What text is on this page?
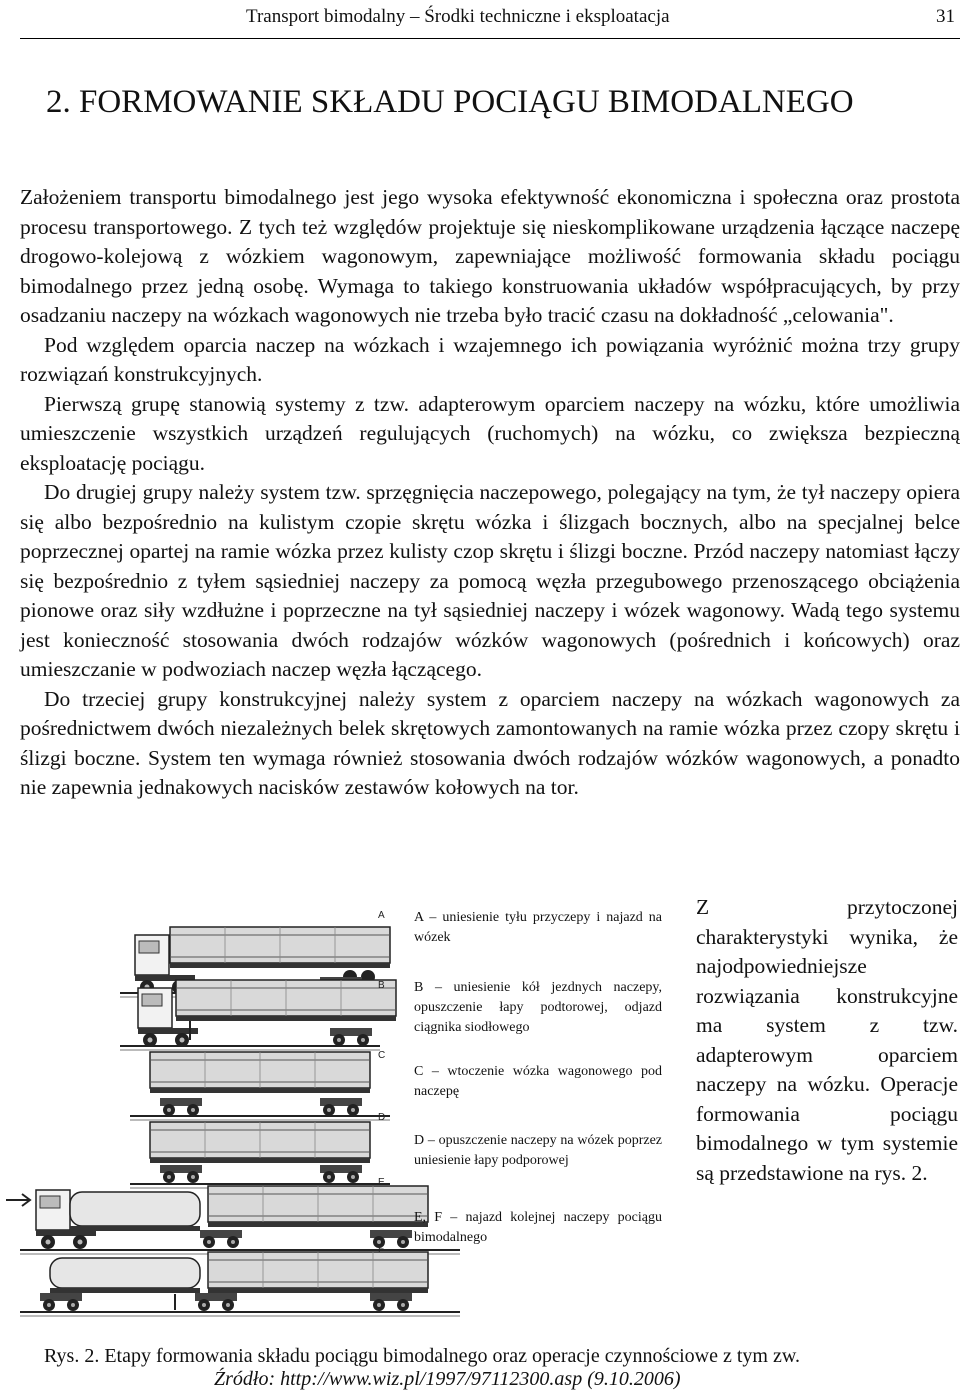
Transport bimodalny – Środki techniczne i eksploatacja	31
2. FORMOWANIE SKŁADU POCIĄGU BIMODALNEGO

Założeniem transportu bimodalnego jest jego wysoka efektywność ekonomiczna i społeczna oraz prostota procesu transportowego. Z tych też względów projektuje się nieskomplikowane urządzenia łączące naczepę drogowo-kolejową z wózkiem wagonowym, zapewniające możliwość formowania składu pociągu bimodalnego przez jedną osobę. Wymaga to takiego konstruowania układów współpracujących, by przy osadzaniu naczepy na wózkach wagonowych nie trzeba było tracić czasu na dokładność „celowania".

Pod względem oparcia naczep na wózkach i wzajemnego ich powiązania wyróżnić można trzy grupy rozwiązań konstrukcyjnych.

Pierwszą grupę stanowią systemy z tzw. adapterowym oparciem naczepy na wózku, które umożliwia umieszczenie wszystkich urządzeń regulujących (ruchomych) na wózku, co zwiększa bezpieczną eksploatację pociągu.

Do drugiej grupy należy system tzw. sprzęgnięcia naczepowego, polegający na tym, że tył naczepy opiera się albo bezpośrednio na kulistym czopie skrętu wózka i ślizgach bocznych, albo na specjalnej belce poprzecznej opartej na ramie wózka przez kulisty czop skrętu i ślizgi boczne. Przód naczepy natomiast łączy się bezpośrednio z tyłem sąsiedniej naczepy za pomocą węzła przegubowego przenoszącego obciążenia pionowe oraz siły wzdłużne i poprzeczne na tył sąsiedniej naczepy i wózek wagonowy. Wadą tego systemu jest konieczność stosowania dwóch rodzajów wózków wagonowych (pośrednich i końcowych) oraz umieszczanie w podwoziach naczep węzła łączącego.

Do trzeciej grupy konstrukcyjnej należy system z oparciem naczepy na wózkach wagonowych za pośrednictwem dwóch niezależnych belek skrętowych zamontowanych na ramie wózka przez czopy skrętu i ślizgi boczne. System ten wymaga również stosowania dwóch rodzajów wózków wagonowych, a ponadto nie zapewnia jednakowych nacisków zestawów kołowych na tor.

A
B
C
D
E
F
A – uniesienie tyłu przyczepy i najazd na wózek
B – uniesienie kół jezdnych naczepy, opuszczenie łapy podtorowej, odjazd ciągnika siodłowego
C – wtoczenie wózka wagonowego pod naczepę
D – opuszczenie naczepy na wózek poprzez uniesienie łapy podporowej
E, F – najazd kolejnej naczepy pociągu bimodalnego
Z przytoczonej charakterystyki wynika, że najodpowiedniejsze rozwiązania konstrukcyjne ma system z tzw. adapterowym oparciem naczepy na wózku. Operacje formowania pociągu bimodalnego w tym systemie są przedstawione na rys. 2.
Rys. 2. Etapy formowania składu pociągu bimodalnego oraz operacje czynnościowe z tym zw.
Źródło: http://www.wiz.pl/1997/97112300.asp (9.10.2006)
